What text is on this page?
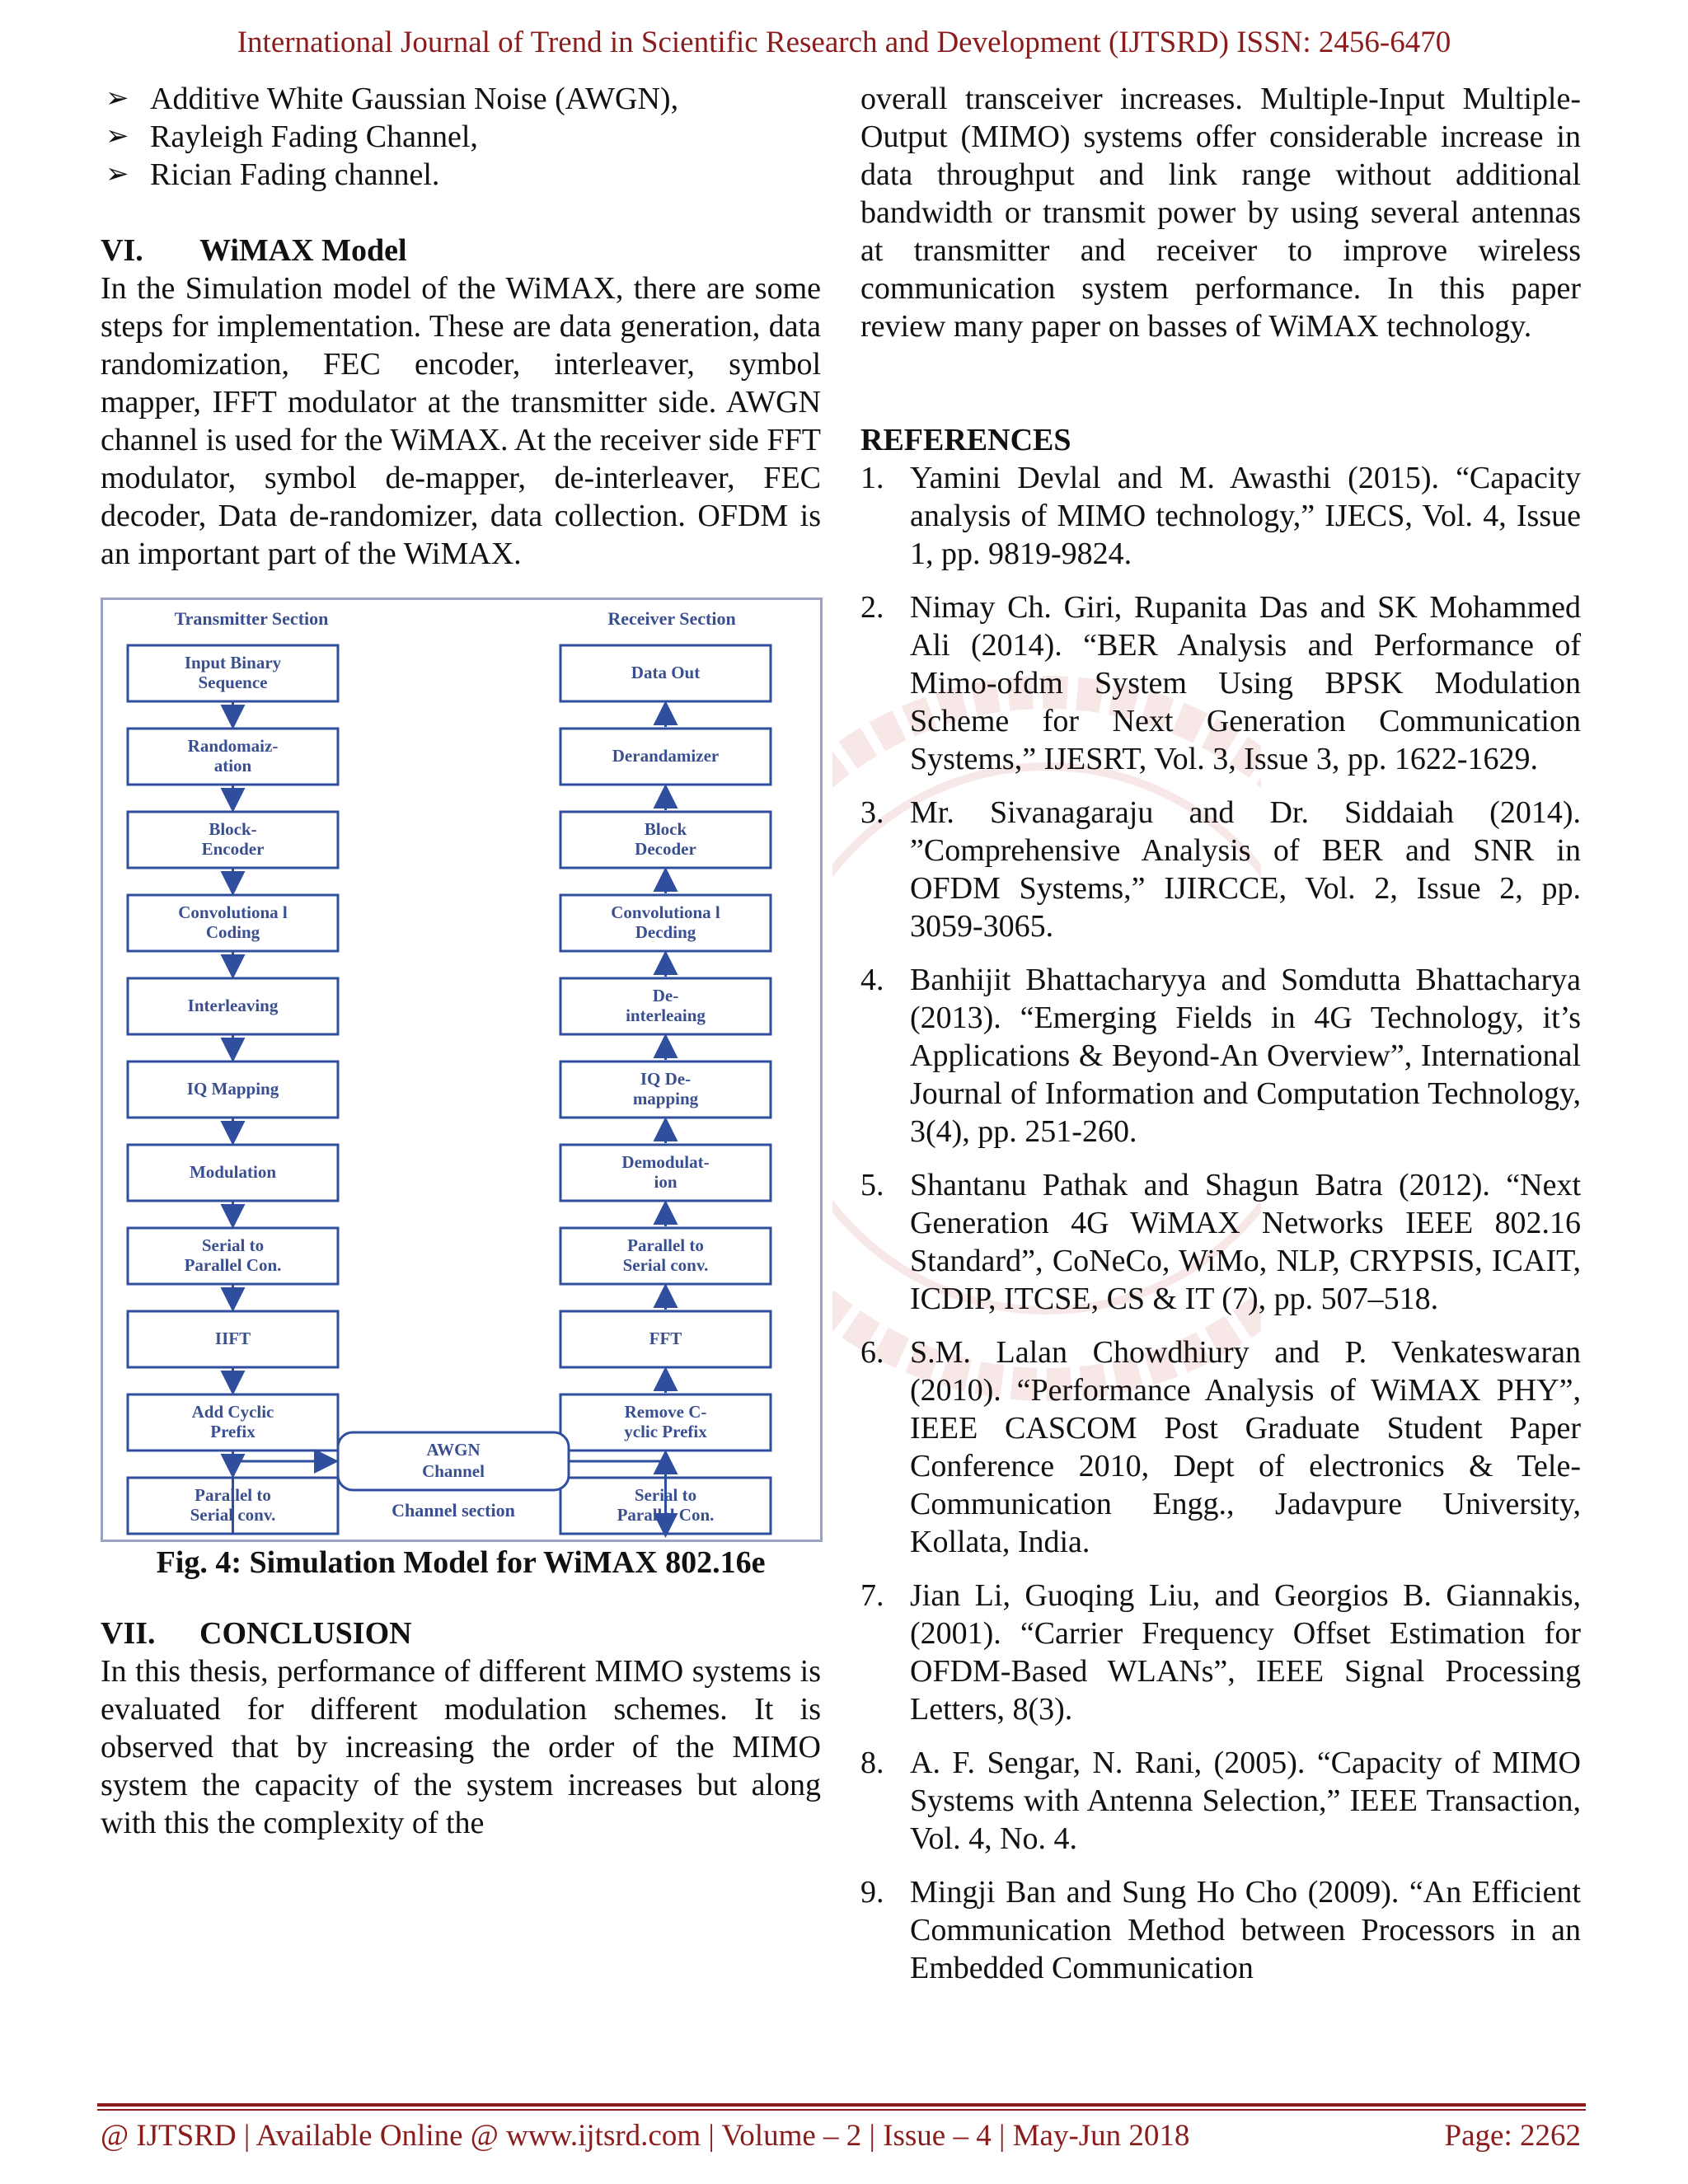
International Journal of Trend in Scientific Research and Development (IJTSRD) ISSN: 2456-6470
➢ Additive White Gaussian Noise (AWGN),
➢ Rayleigh Fading Channel,
➢ Rician Fading channel.

VI. WiMAX Model

In the Simulation model of the WiMAX, there are some steps for implementation. These are data generation, data randomization, FEC encoder, interleaver, symbol mapper, IFFT modulator at the transmitter side. AWGN channel is used for the WiMAX. At the receiver side FFT modulator, symbol de-mapper, de-interleaver, FEC decoder, Data de-randomizer, data collection. OFDM is an important part of the WiMAX.

Transmitter Section	Receiver Section
Input Binary
Sequence
Randomaiz-
ation
Block-
Encoder
Convolutiona l
Coding
Interleaving
IQ Mapping
Modulation
Serial to
Parallel Con.
IIFT
Add Cyclic
Prefix
Parallel to
Serial conv.
Data Out
Derandamizer
Block
Decoder
Convolutiona l
Decding
De-
interleaing
IQ De-
mapping
Demodulat-
ion
Parallel to
Serial conv.
FFT
Remove C-
yclic Prefix
Serial to
Parallel Con.
AWGN
Channel
Channel section

Fig. 4: Simulation Model for WiMAX 802.16e

VII. CONCLUSION

In this thesis, performance of different MIMO systems is evaluated for different modulation schemes. It is observed that by increasing the order of the MIMO system the capacity of the system increases but along with this the complexity of the

overall transceiver increases. Multiple-Input Multiple-Output (MIMO) systems offer considerable increase in data throughput and link range without additional bandwidth or transmit power by using several antennas at transmitter and receiver to improve wireless communication system performance. In this paper review many paper on basses of WiMAX technology.

REFERENCES

1. Yamini Devlal and M. Awasthi (2015). “Capacity analysis of MIMO technology,” IJECS, Vol. 4, Issue 1, pp. 9819-9824.

2. Nimay Ch. Giri, Rupanita Das and SK Mohammed Ali (2014). “BER Analysis and Performance of Mimo-ofdm System Using BPSK Modulation Scheme for Next Generation Communication Systems,” IJESRT, Vol. 3, Issue 3, pp. 1622-1629.

3. Mr. Sivanagaraju and Dr. Siddaiah (2014). ”Comprehensive Analysis of BER and SNR in OFDM Systems,” IJIRCCE, Vol. 2, Issue 2, pp. 3059-3065.

4. Banhijit Bhattacharyya and Somdutta Bhattacharya (2013). “Emerging Fields in 4G Technology, it’s Applications & Beyond-An Overview”, International Journal of Information and Computation Technology, 3(4), pp. 251-260.

5. Shantanu Pathak and Shagun Batra (2012). “Next Generation 4G WiMAX Networks IEEE 802.16 Standard”, CoNeCo, WiMo, NLP, CRYPSIS, ICAIT, ICDIP, ITCSE, CS & IT (7), pp. 507–518.

6. S.M. Lalan Chowdhiury and P. Venkateswaran (2010). “Performance Analysis of WiMAX PHY”, IEEE CASCOM Post Graduate Student Paper Conference 2010, Dept of electronics & Tele-Communication Engg., Jadavpure University, Kollata, India.

7. Jian Li, Guoqing Liu, and Georgios B. Giannakis, (2001). “Carrier Frequency Offset Estimation for OFDM-Based WLANs”, IEEE Signal Processing Letters, 8(3).

8. A. F. Sengar, N. Rani, (2005). “Capacity of MIMO Systems with Antenna Selection,” IEEE Transaction, Vol. 4, No. 4.

9. Mingji Ban and Sung Ho Cho (2009). “An Efficient Communication Method between Processors in an Embedded Communication

@ IJTSRD | Available Online @ www.ijtsrd.com | Volume – 2 | Issue – 4 | May-Jun 2018	Page: 2262
